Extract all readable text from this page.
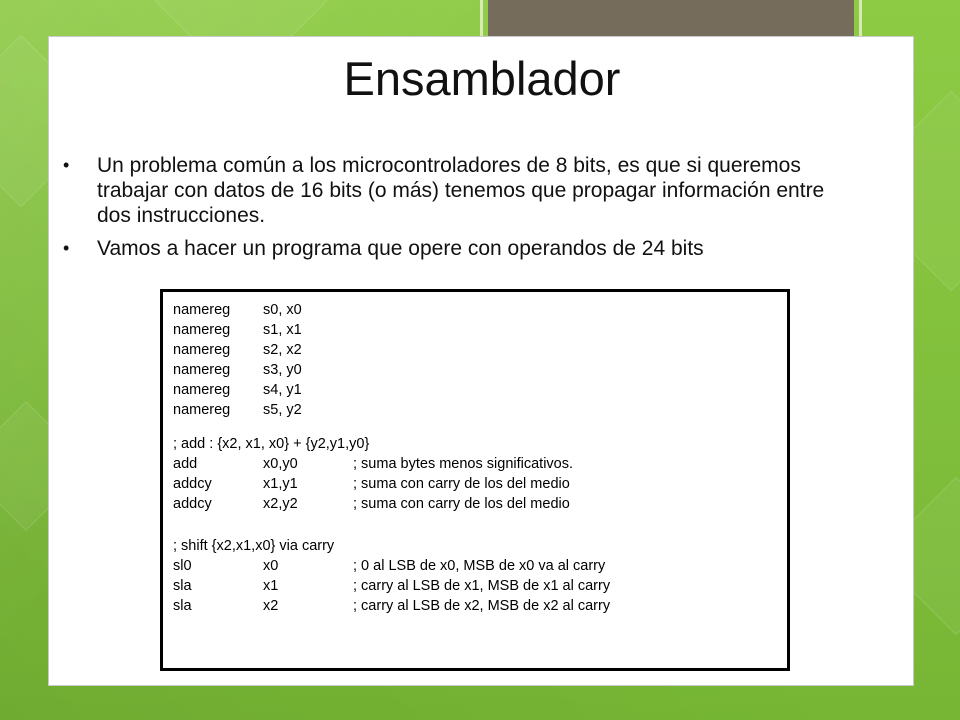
Ensamblador
• Un problema común a los microcontroladores de 8 bits, es que si queremos trabajar con datos de 16 bits (o más) tenemos que propagar información entre dos instrucciones.
• Vamos a hacer un programa que opere con operandos de 24 bits
namereg s0, x0
namereg s1, x1
namereg s2, x2
namereg s3, y0
namereg s4, y1
namereg s5, y2
; add : {x2, x1, x0} + {y2,y1,y0}
add	x0,y0	; suma bytes menos significativos.
addcy	x1,y1	; suma con carry de los del medio
addcy	x2,y2	; suma con carry de los del medio
; shift {x2,x1,x0} via carry
sl0	x0	; 0 al LSB de x0, MSB de x0 va al carry
sla	x1	; carry al LSB de x1, MSB de x1 al carry
sla	x2	; carry al LSB de x2, MSB de x2 al carry
